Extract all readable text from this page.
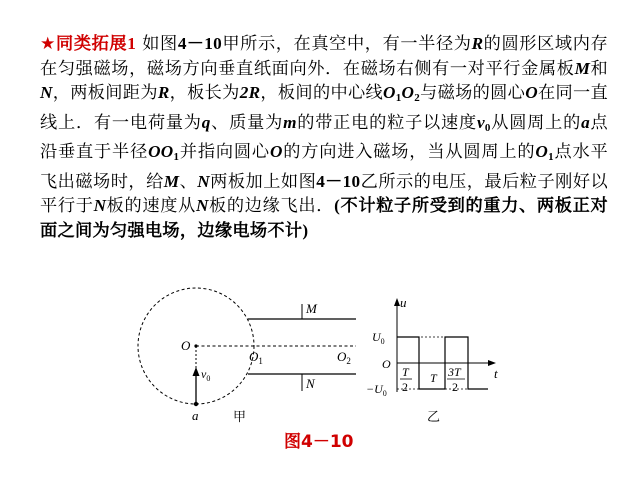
★同类拓展1 如图4－10甲所示，在真空中，有一半径为R的圆形区域内存在匀强磁场，磁场方向垂直纸面向外．在磁场右侧有一对平行金属板M和N，两板间距为R，板长为2R，板间的中心线$O_1O_2$与磁场的圆心O在同一直线上．有一电荷量为q、质量为m的带正电的粒子以速度$v_0$从圆周上的a点沿垂直于半径$OO_1$并指向圆心O的方向进入磁场，当从圆周上的$O_1$点水平飞出磁场时，给M、N两板加上如图4－10乙所示的电压，最后粒子刚好以平行于N板的速度从N板的边缘飞出．(不计粒子所受到的重力、两板正对面之间为匀强电场，边缘电场不计)
O
M
N
$O_1$	$O_2$
$v_0$
a	甲
u
t
$U_0$
O
$-U_0$
T
2
T 3T
2
乙
图4－10
